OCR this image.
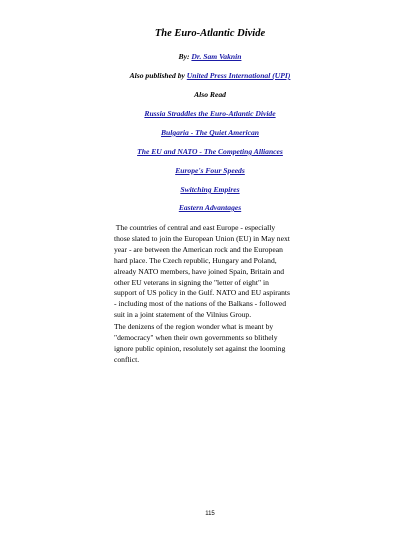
The Euro-Atlantic Divide
By: Dr. Sam Vaknin
Also published by United Press International (UPI)
Also Read
Russia Straddles the Euro-Atlantic Divide
Bulgaria - The Quiet American
The EU and NATO - The Competing Alliances
Europe's Four Speeds
Switching Empires
Eastern Advantages
The countries of central and east Europe - especially
those slated to join the European Union (EU) in May next
year - are between the American rock and the European
hard place. The Czech republic, Hungary and Poland,
already NATO members, have joined Spain, Britain and
other EU veterans in signing the "letter of eight" in
support of US policy in the Gulf. NATO and EU aspirants
- including most of the nations of the Balkans - followed
suit in a joint statement of the Vilnius Group.
The denizens of the region wonder what is meant by
"democracy" when their own governments so blithely
ignore public opinion, resolutely set against the looming
conflict.
115
